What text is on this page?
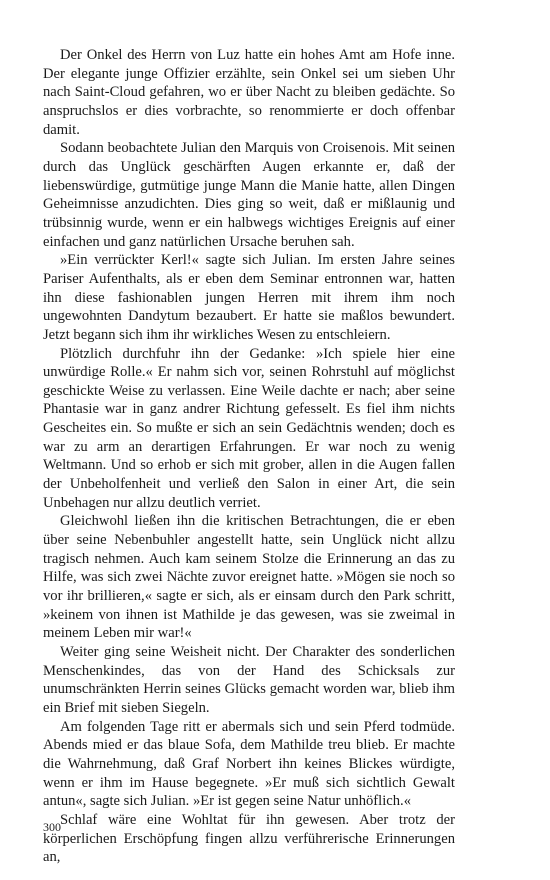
Der Onkel des Herrn von Luz hatte ein hohes Amt am Hofe inne. Der elegante junge Offizier erzählte, sein Onkel sei um sieben Uhr nach Saint-Cloud gefahren, wo er über Nacht zu bleiben gedächte. So anspruchslos er dies vorbrachte, so renommierte er doch offenbar damit.

Sodann beobachtete Julian den Marquis von Croisenois. Mit seinen durch das Unglück geschärften Augen erkannte er, daß der liebenswürdige, gutmütige junge Mann die Manie hatte, allen Dingen Geheimnisse anzudichten. Dies ging so weit, daß er mißlaunig und trübsinnig wurde, wenn er ein halbwegs wichtiges Ereignis auf einer einfachen und ganz natürlichen Ursache beruhen sah.

»Ein verrückter Kerl!« sagte sich Julian. Im ersten Jahre seines Pariser Aufenthalts, als er eben dem Seminar entronnen war, hatten ihn diese fashionablen jungen Herren mit ihrem ihm noch ungewohnten Dandytum bezaubert. Er hatte sie maßlos bewundert. Jetzt begann sich ihm ihr wirkliches Wesen zu entschleiern.

Plötzlich durchfuhr ihn der Gedanke: »Ich spiele hier eine unwürdige Rolle.« Er nahm sich vor, seinen Rohrstuhl auf möglichst geschickte Weise zu verlassen. Eine Weile dachte er nach; aber seine Phantasie war in ganz andrer Richtung gefesselt. Es fiel ihm nichts Gescheites ein. So mußte er sich an sein Gedächtnis wenden; doch es war zu arm an derartigen Erfahrungen. Er war noch zu wenig Weltmann. Und so erhob er sich mit grober, allen in die Augen fallen der Unbeholfenheit und verließ den Salon in einer Art, die sein Unbehagen nur allzu deutlich verriet.

Gleichwohl ließen ihn die kritischen Betrachtungen, die er eben über seine Nebenbuhler angestellt hatte, sein Unglück nicht allzu tragisch nehmen. Auch kam seinem Stolze die Erinnerung an das zu Hilfe, was sich zwei Nächte zuvor ereignet hatte. »Mögen sie noch so vor ihr brillieren,« sagte er sich, als er einsam durch den Park schritt, »keinem von ihnen ist Mathilde je das gewesen, was sie zweimal in meinem Leben mir war!«

Weiter ging seine Weisheit nicht. Der Charakter des sonderlichen Menschenkindes, das von der Hand des Schicksals zur unumschränkten Herrin seines Glücks gemacht worden war, blieb ihm ein Brief mit sieben Siegeln.

Am folgenden Tage ritt er abermals sich und sein Pferd todmüde. Abends mied er das blaue Sofa, dem Mathilde treu blieb. Er machte die Wahrnehmung, daß Graf Norbert ihn keines Blickes würdigte, wenn er ihm im Hause begegnete. »Er muß sich sichtlich Gewalt antun«, sagte sich Julian. »Er ist gegen seine Natur unhöflich.«

Schlaf wäre eine Wohltat für ihn gewesen. Aber trotz der körperlichen Erschöpfung fingen allzu verführerische Erinnerungen an,

300
